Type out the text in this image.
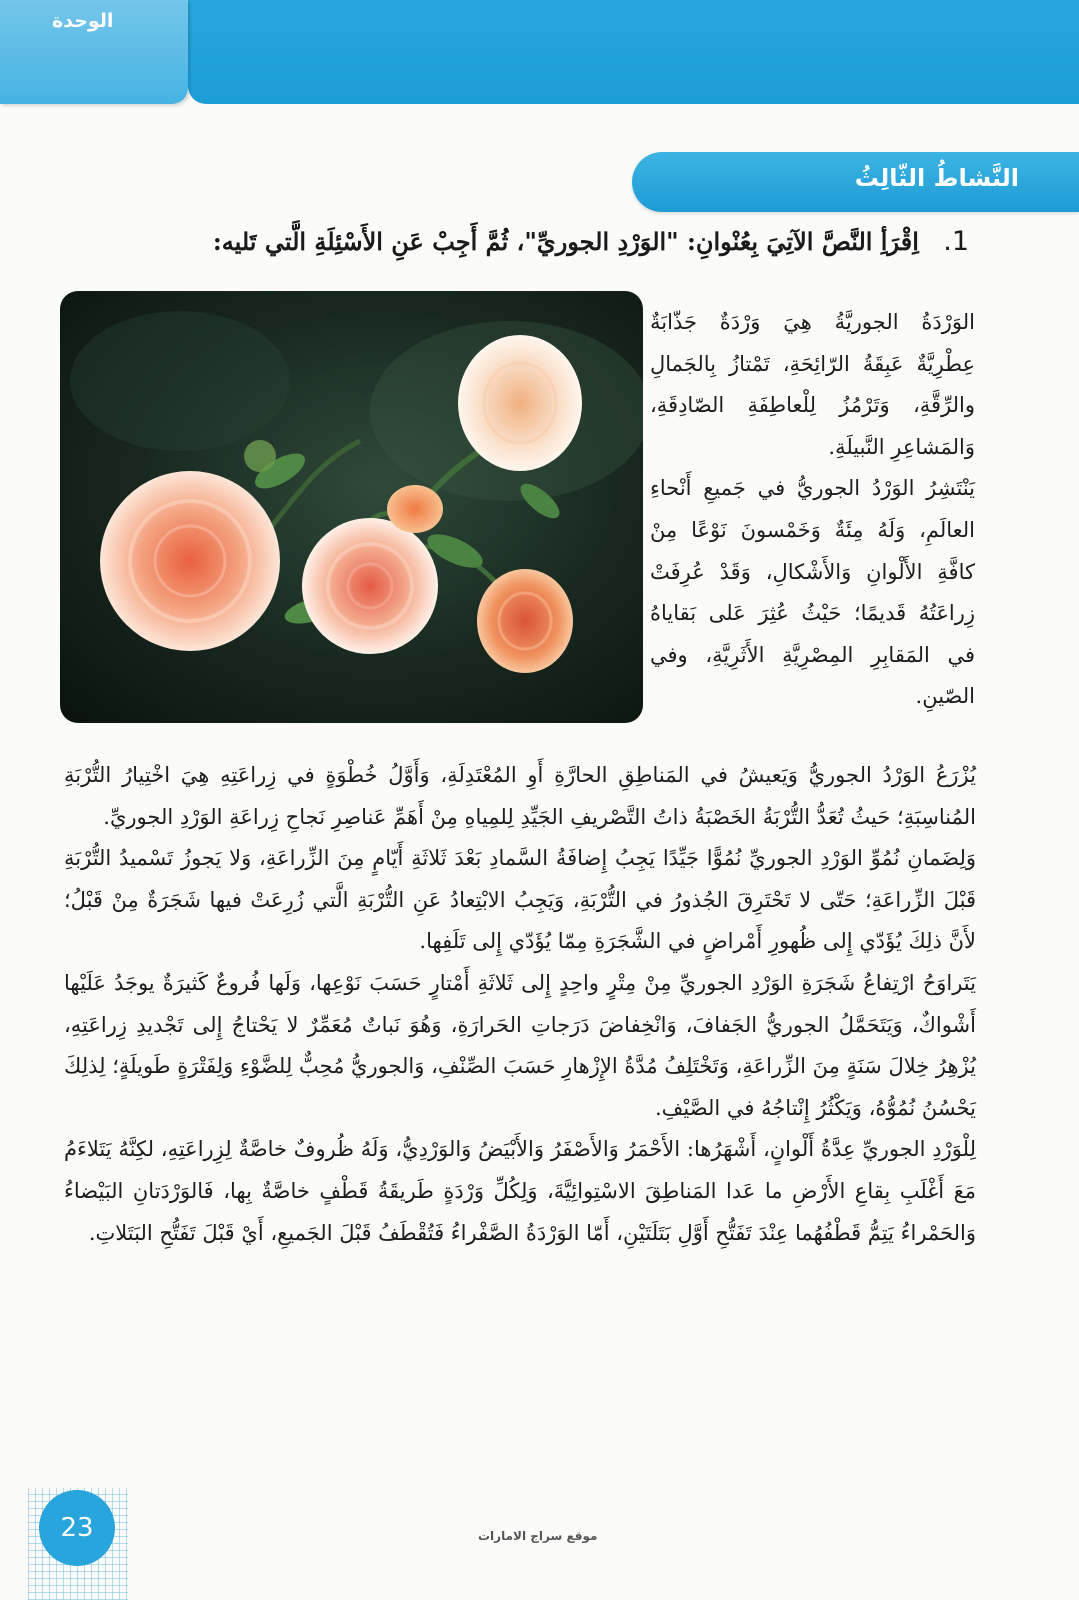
الوحدة
النَّشاطُ الثّالِثُ
1. اِقْرَأِ النَّصَّ الآتِيَ بِعُنْوانِ: "الوَرْدِ الجوريِّ"، ثُمَّ أَجِبْ عَنِ الأَسْئِلَةِ الَّتي تَليه:

الوَرْدَةُ الجوريَّةُ هِيَ وَرْدَةٌ جَذّابَةٌ عِطْرِيَّةٌ عَبِقَةُ الرّائِحَةِ، تَمْتازُ بِالجَمالِ والرِّقَّةِ، وَتَرْمُزُ لِلْعاطِفَةِ الصّادِقَةِ، وَالمَشاعِرِ النَّبيلَةِ.

يَنْتَشِرُ الوَرْدُ الجوريُّ في جَميعِ أَنْحاءِ العالَمِ، وَلَهُ مِئَةٌ وَخَمْسونَ نَوْعًا مِنْ كافَّةِ الأَلْوانِ وَالأَشْكالِ، وَقَدْ عُرِفَتْ زِراعَتُهُ قَديمًا؛ حَيْثُ عُثِرَ عَلى بَقاياهُ في المَقابِرِ المِصْرِيَّةِ الأَثَرِيَّةِ، وفي الصّينِ.

يُزْرَعُ الوَرْدُ الجوريُّ وَيَعيشُ في المَناطِقِ الحارَّةِ أَوِ المُعْتَدِلَةِ، وَأَوَّلُ خُطْوَةٍ في زِراعَتِهِ هِيَ اخْتِيارُ التُّرْبَةِ المُناسِبَةِ؛ حَيثُ تُعَدُّ التُّرْبَةُ الخَصْبَةُ ذاتُ التَّصْريفِ الجَيِّدِ لِلمِياهِ مِنْ أَهَمِّ عَناصِرِ نَجاحِ زِراعَةِ الوَرْدِ الجوريِّ.

وَلِضَمانِ نُمُوِّ الوَرْدِ الجوريِّ نُمُوًّا جَيِّدًا يَجِبُ إِضافَةُ السَّمادِ بَعْدَ ثَلاثَةِ أَيّامٍ مِنَ الزِّراعَةِ، وَلا يَجوزُ تَسْميدُ التُّرْبَةِ قَبْلَ الزِّراعَةِ؛ حَتّى لا تَحْتَرِقَ الجُذورُ في التُّرْبَةِ، وَيَجِبُ الابْتِعادُ عَنِ التُّرْبَةِ الَّتي زُرِعَتْ فيها شَجَرَةٌ مِنْ قَبْلُ؛ لأَنَّ ذلِكَ يُؤَدّي إِلى ظُهورِ أَمْراضٍ في الشَّجَرَةِ مِمّا يُؤَدّي إِلى تَلَفِها.

يَتَراوَحُ ارْتِفاعُ شَجَرَةِ الوَرْدِ الجوريِّ مِنْ مِتْرٍ واحِدٍ إِلى ثَلاثَةِ أَمْتارٍ حَسَبَ نَوْعِها، وَلَها فُروعٌ كَثيرَةٌ يوجَدُ عَلَيْها أَشْواكٌ، وَيَتَحَمَّلُ الجوريُّ الجَفافَ، وَانْخِفاضَ دَرَجاتِ الحَرارَةِ، وَهُوَ نَباتٌ مُعَمِّرٌ لا يَحْتاجُ إِلى تَجْديدِ زِراعَتِهِ، يُزْهِرُ خِلالَ سَنَةٍ مِنَ الزِّراعَةِ، وَتَخْتَلِفُ مُدَّةُ الإِزْهارِ حَسَبَ الصِّنْفِ، وَالجوريُّ مُحِبٌّ لِلضَّوْءِ وَلِفَتْرَةٍ طَويلَةٍ؛ لِذلِكَ يَحْسُنُ نُمُوُّهُ، وَيَكْثُرُ إِنْتاجُهُ في الصَّيْفِ.

لِلْوَرْدِ الجوريِّ عِدَّةُ أَلْوانٍ، أَشْهَرُها: الأَحْمَرُ وَالأَصْفَرُ وَالأَبْيَضُ وَالوَرْدِيُّ، وَلَهُ ظُروفٌ خاصَّةٌ لِزِراعَتِهِ، لكِنَّهُ يَتَلاءَمُ مَعَ أَغْلَبِ بِقاعِ الأَرْضِ ما عَدا المَناطِقَ الاسْتِوائِيَّةَ، وَلِكُلِّ وَرْدَةٍ طَريقَةُ قَطْفٍ خاصَّةٌ بِها، فَالوَرْدَتانِ البَيْضاءُ وَالحَمْراءُ يَتِمُّ قَطْفُهُما عِنْدَ تَفَتُّحِ أَوَّلِ بَتَلَتَيْنِ، أَمّا الوَرْدَةُ الصَّفْراءُ فَتُقْطَفُ قَبْلَ الجَميعِ، أَيْ قَبْلَ تَفَتُّحِ البَتَلاتِ.

23	موقع سراج الامارات
